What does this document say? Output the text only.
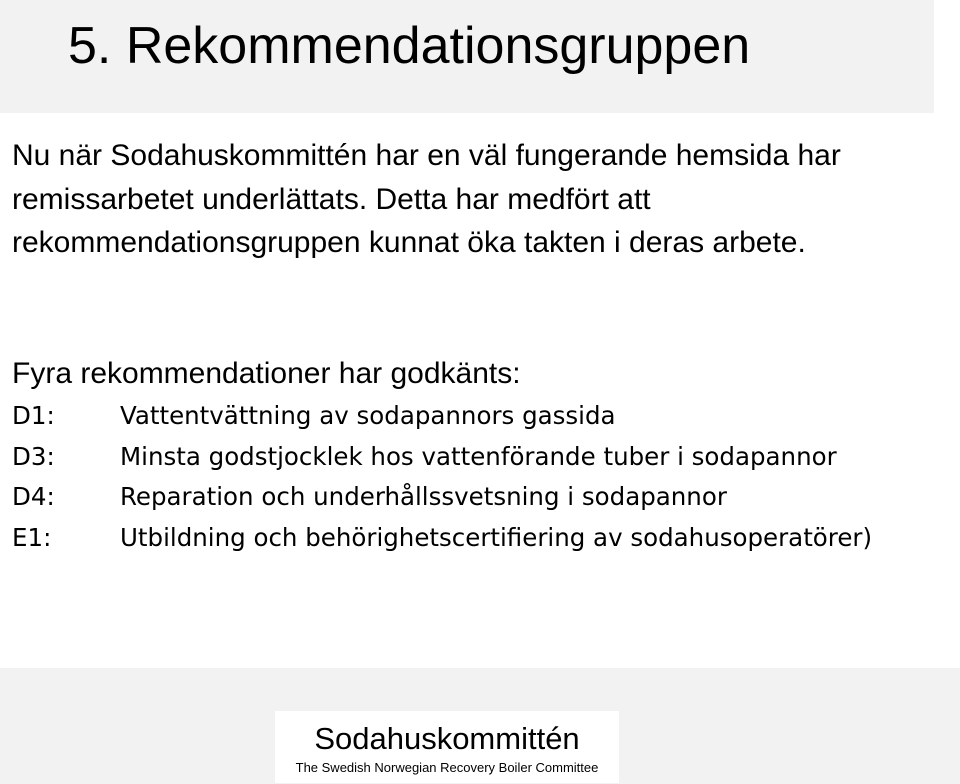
5. Rekommendationsgruppen

Nu när Sodahuskommittén har en väl fungerande hemsida har remissarbetet underlättats. Detta har medfört att rekommendationsgruppen kunnat öka takten i deras arbete.

Fyra rekommendationer har godkänts:

D1:	Vattentvättning av sodapannors gassida
D3:	Minsta godstjocklek hos vattenförande tuber i sodapannor
D4:	Reparation och underhållssvetsning i sodapannor
E1:	Utbildning och behörighetscertifiering av sodahusoperatörer)
Sodahuskommittén
The Swedish Norwegian Recovery Boiler Committee
